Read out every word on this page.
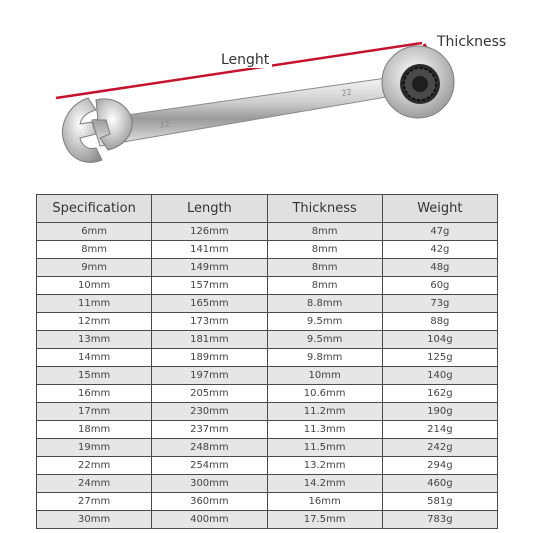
22
22
Lenght
Thickness
Specification	Length	Thickness	Weight
6mm	126mm	8mm	47g
8mm	141mm	8mm	42g
9mm	149mm	8mm	48g
10mm	157mm	8mm	60g
11mm	165mm	8.8mm	73g
12mm	173mm	9.5mm	88g
13mm	181mm	9.5mm	104g
14mm	189mm	9.8mm	125g
15mm	197mm	10mm	140g
16mm	205mm	10.6mm	162g
17mm	230mm	11.2mm	190g
18mm	237mm	11.3mm	214g
19mm	248mm	11.5mm	242g
22mm	254mm	13.2mm	294g
24mm	300mm	14.2mm	460g
27mm	360mm	16mm	581g
30mm	400mm	17.5mm	783g
